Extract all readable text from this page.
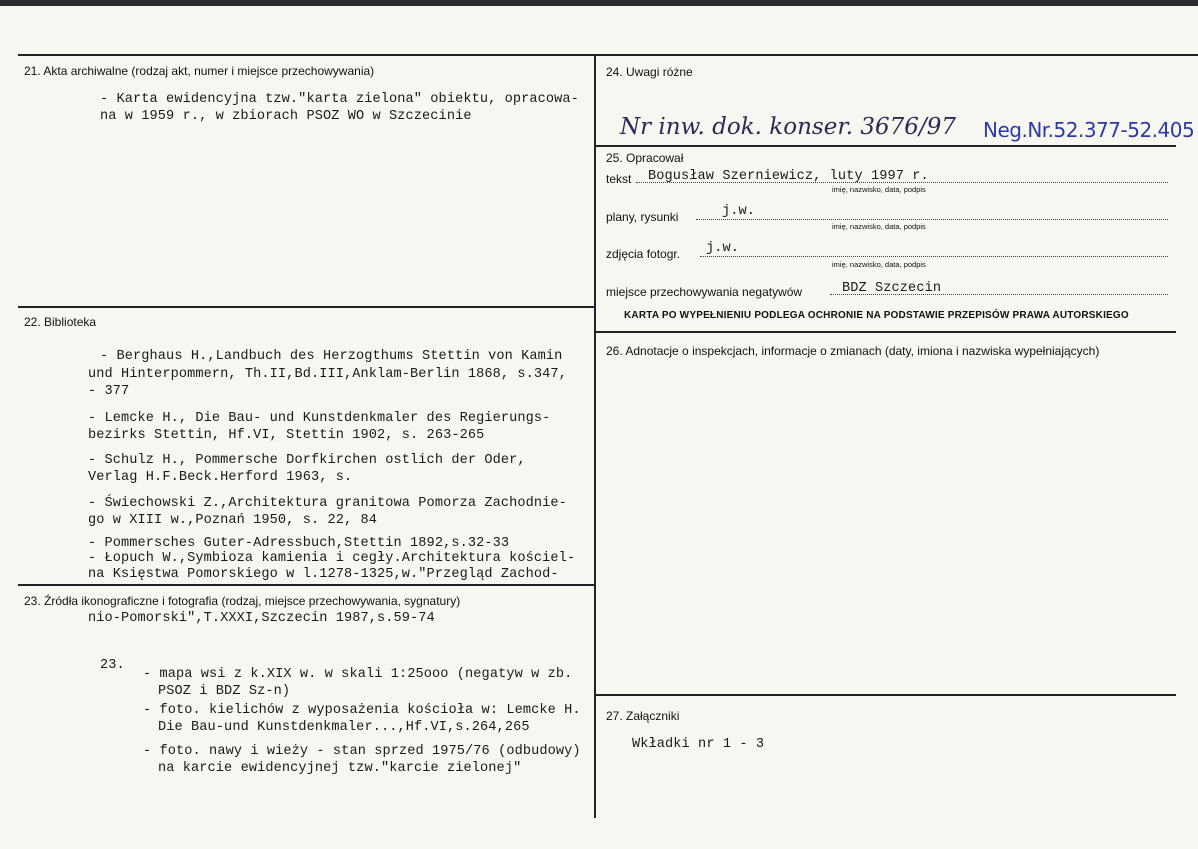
21. Akta archiwalne (rodzaj akt, numer i miejsce przechowywania)
- Karta ewidencyjna tzw."karta zielona" obiektu, opracowa-
na w 1959 r., w zbiorach PSOZ WO w Szczecinie
22. Biblioteka
- Berghaus H.,Landbuch des Herzogthums Stettin von Kamin
und Hinterpommern, Th.II,Bd.III,Anklam-Berlin 1868, s.347,
- 377
- Lemcke H., Die Bau- und Kunstdenkmaler des Regierungs-
bezirks Stettin, Hf.VI, Stettin 1902, s. 263-265
- Schulz H., Pommersche Dorfkirchen ostlich der Oder,
Verlag H.F.Beck.Herford 1963, s.
- Świechowski Z.,Architektura granitowa Pomorza Zachodnie-
go w XIII w.,Poznań 1950, s. 22, 84
- Pommersches Guter-Adressbuch,Stettin 1892,s.32-33
- Łopuch W.,Symbioza kamienia i cegły.Architektura kościel-
na Księstwa Pomorskiego w l.1278-1325,w."Przegląd Zachod-
23. Źródła ikonograficzne i fotografia (rodzaj, miejsce przechowywania, sygnatury)
nio-Pomorski",T.XXXI,Szczecin 1987,s.59-74
23.
- mapa wsi z k.XIX w. w skali 1:25ooo (negatyw w zb.
PSOZ i BDZ Sz-n)
- foto. kielichów z wyposażenia kościoła w: Lemcke H.
Die Bau-und Kunstdenkmaler...,Hf.VI,s.264,265
- foto. nawy i wieży - stan sprzed 1975/76 (odbudowy)
na karcie ewidencyjnej tzw."karcie zielonej"
24. Uwagi różne
Nr inw. dok. konser. 3676/97 Neg.Nr.52.377-52.405
25. Opracował
tekst Bogusław Szerniewicz, luty 1997 r.
imię, nazwisko, data, podpis
plany, rysunki	j.w.
imię, nazwisko, data, podpis
zdjęcia fotogr. j.w.
imię, nazwisko, data, podpis
miejsce przechowywania negatywów	BDZ Szczecin
KARTA PO WYPEŁNIENIU PODLEGA OCHRONIE NA PODSTAWIE PRZEPISÓW PRAWA AUTORSKIEGO
26. Adnotacje o inspekcjach, informacje o zmianach (daty, imiona i nazwiska wypełniających)
27. Załączniki
Wkładki nr 1 - 3
